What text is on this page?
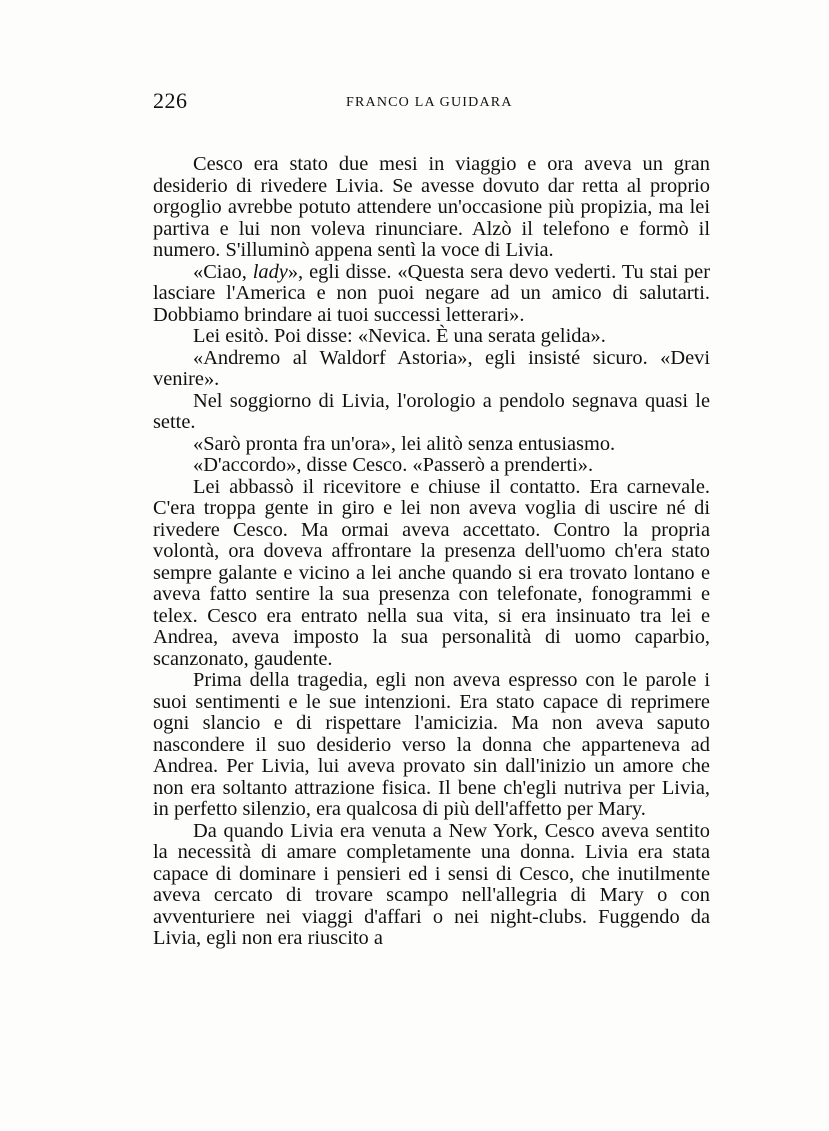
226	FRANCO LA GUIDARA

Cesco era stato due mesi in viaggio e ora aveva un gran desiderio di rivedere Livia. Se avesse dovuto dar retta al proprio orgoglio avrebbe potuto attendere un'occasione più propizia, ma lei partiva e lui non voleva rinunciare. Alzò il telefono e formò il numero. S'illuminò appena sentì la voce di Livia.

«Ciao, lady», egli disse. «Questa sera devo vederti. Tu stai per lasciare l'America e non puoi negare ad un amico di salutarti. Dobbiamo brindare ai tuoi successi letterari».

Lei esitò. Poi disse: «Nevica. È una serata gelida».

«Andremo al Waldorf Astoria», egli insisté sicuro. «Devi venire».

Nel soggiorno di Livia, l'orologio a pendolo segnava quasi le sette.

«Sarò pronta fra un'ora», lei alitò senza entusiasmo.

«D'accordo», disse Cesco. «Passerò a prenderti».

Lei abbassò il ricevitore e chiuse il contatto. Era carnevale. C'era troppa gente in giro e lei non aveva voglia di uscire né di rivedere Cesco. Ma ormai aveva accettato. Contro la propria volontà, ora doveva affrontare la presenza dell'uomo ch'era stato sempre galante e vicino a lei anche quando si era trovato lontano e aveva fatto sentire la sua presenza con telefonate, fonogrammi e telex. Cesco era entrato nella sua vita, si era insinuato tra lei e Andrea, aveva imposto la sua personalità di uomo caparbio, scanzonato, gaudente.

Prima della tragedia, egli non aveva espresso con le parole i suoi sentimenti e le sue intenzioni. Era stato capace di reprimere ogni slancio e di rispettare l'amicizia. Ma non aveva saputo nascondere il suo desiderio verso la donna che apparteneva ad Andrea. Per Livia, lui aveva provato sin dall'inizio un amore che non era soltanto attrazione fisica. Il bene ch'egli nutriva per Livia, in perfetto silenzio, era qualcosa di più dell'affetto per Mary.

Da quando Livia era venuta a New York, Cesco aveva sentito la necessità di amare completamente una donna. Livia era stata capace di dominare i pensieri ed i sensi di Cesco, che inutilmente aveva cercato di trovare scampo nell'allegria di Mary o con avventuriere nei viaggi d'affari o nei night-clubs. Fuggendo da Livia, egli non era riuscito a
